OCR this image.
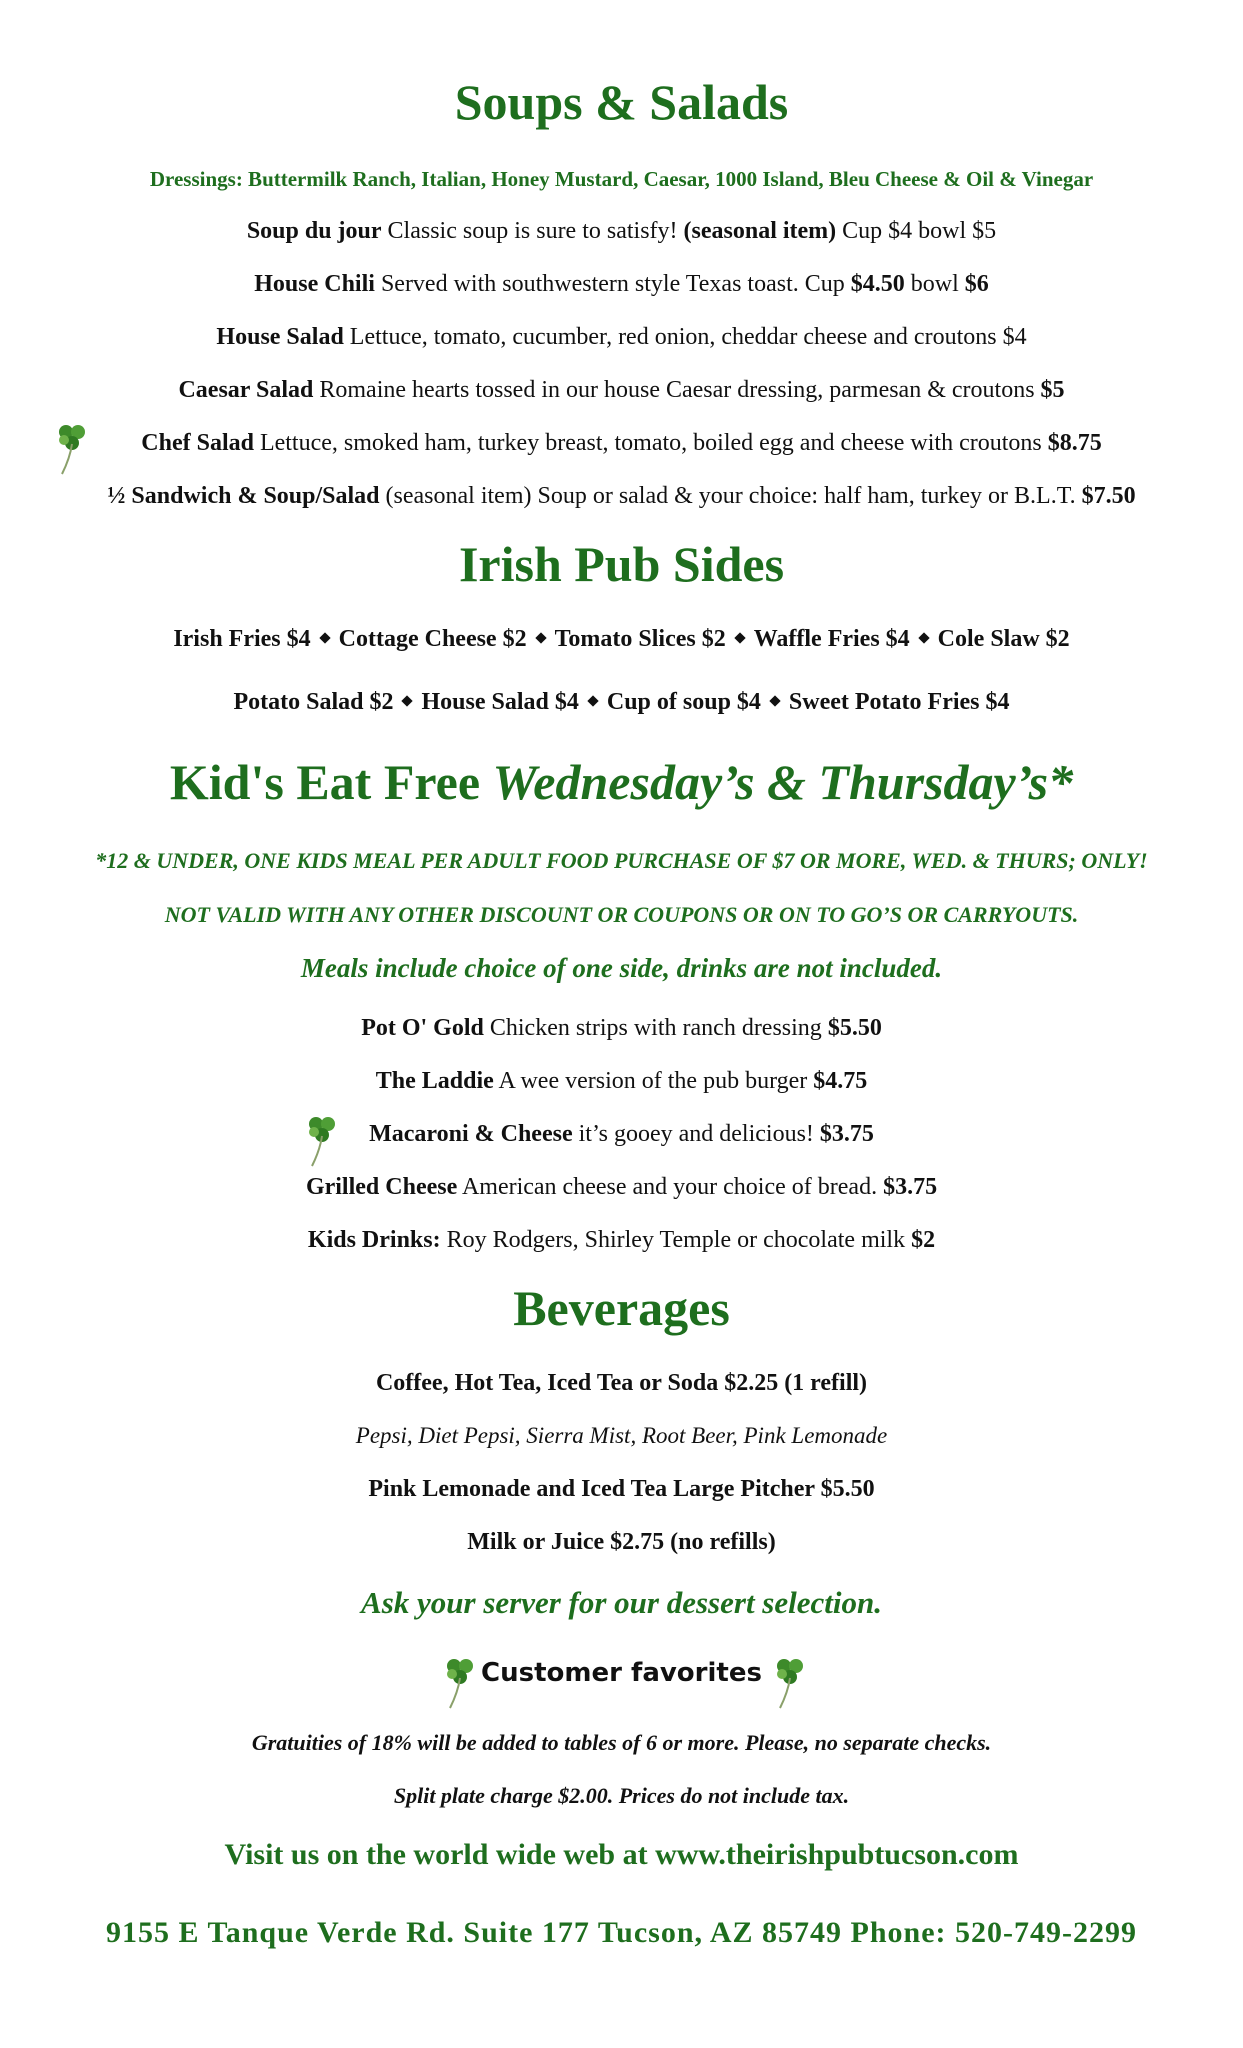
Soups & Salads
Dressings: Buttermilk Ranch, Italian, Honey Mustard, Caesar, 1000 Island, Bleu Cheese & Oil & Vinegar
Soup du jour Classic soup is sure to satisfy! (seasonal item) Cup $4 bowl $5
House Chili Served with southwestern style Texas toast. Cup $4.50 bowl $6
House Salad Lettuce, tomato, cucumber, red onion, cheddar cheese and croutons $4
Caesar Salad Romaine hearts tossed in our house Caesar dressing, parmesan & croutons $5
Chef Salad Lettuce, smoked ham, turkey breast, tomato, boiled egg and cheese with croutons $8.75
½ Sandwich & Soup/Salad (seasonal item) Soup or salad & your choice: half ham, turkey or B.L.T. $7.50
Irish Pub Sides
Irish Fries $4 Cottage Cheese $2 Tomato Slices $2 Waffle Fries $4 Cole Slaw $2
Potato Salad $2 House Salad $4 Cup of soup $4 Sweet Potato Fries $4
Kid's Eat Free Wednesday’s & Thursday’s*
*12 & UNDER, ONE KIDS MEAL PER ADULT FOOD PURCHASE OF $7 OR MORE, WED. & THURS; ONLY!
NOT VALID WITH ANY OTHER DISCOUNT OR COUPONS OR ON TO GO’S OR CARRYOUTS.
Meals include choice of one side, drinks are not included.
Pot O' Gold Chicken strips with ranch dressing $5.50
The Laddie A wee version of the pub burger $4.75
Macaroni & Cheese it’s gooey and delicious! $3.75
Grilled Cheese American cheese and your choice of bread. $3.75
Kids Drinks: Roy Rodgers, Shirley Temple or chocolate milk $2
Beverages
Coffee, Hot Tea, Iced Tea or Soda $2.25 (1 refill)
Pepsi, Diet Pepsi, Sierra Mist, Root Beer, Pink Lemonade
Pink Lemonade and Iced Tea Large Pitcher $5.50
Milk or Juice $2.75 (no refills)
Ask your server for our dessert selection.
Customer favorites
Gratuities of 18% will be added to tables of 6 or more. Please, no separate checks.
Split plate charge $2.00. Prices do not include tax.
Visit us on the world wide web at www.theirishpubtucson.com
9155 E Tanque Verde Rd. Suite 177 Tucson, AZ 85749 Phone: 520-749-2299
